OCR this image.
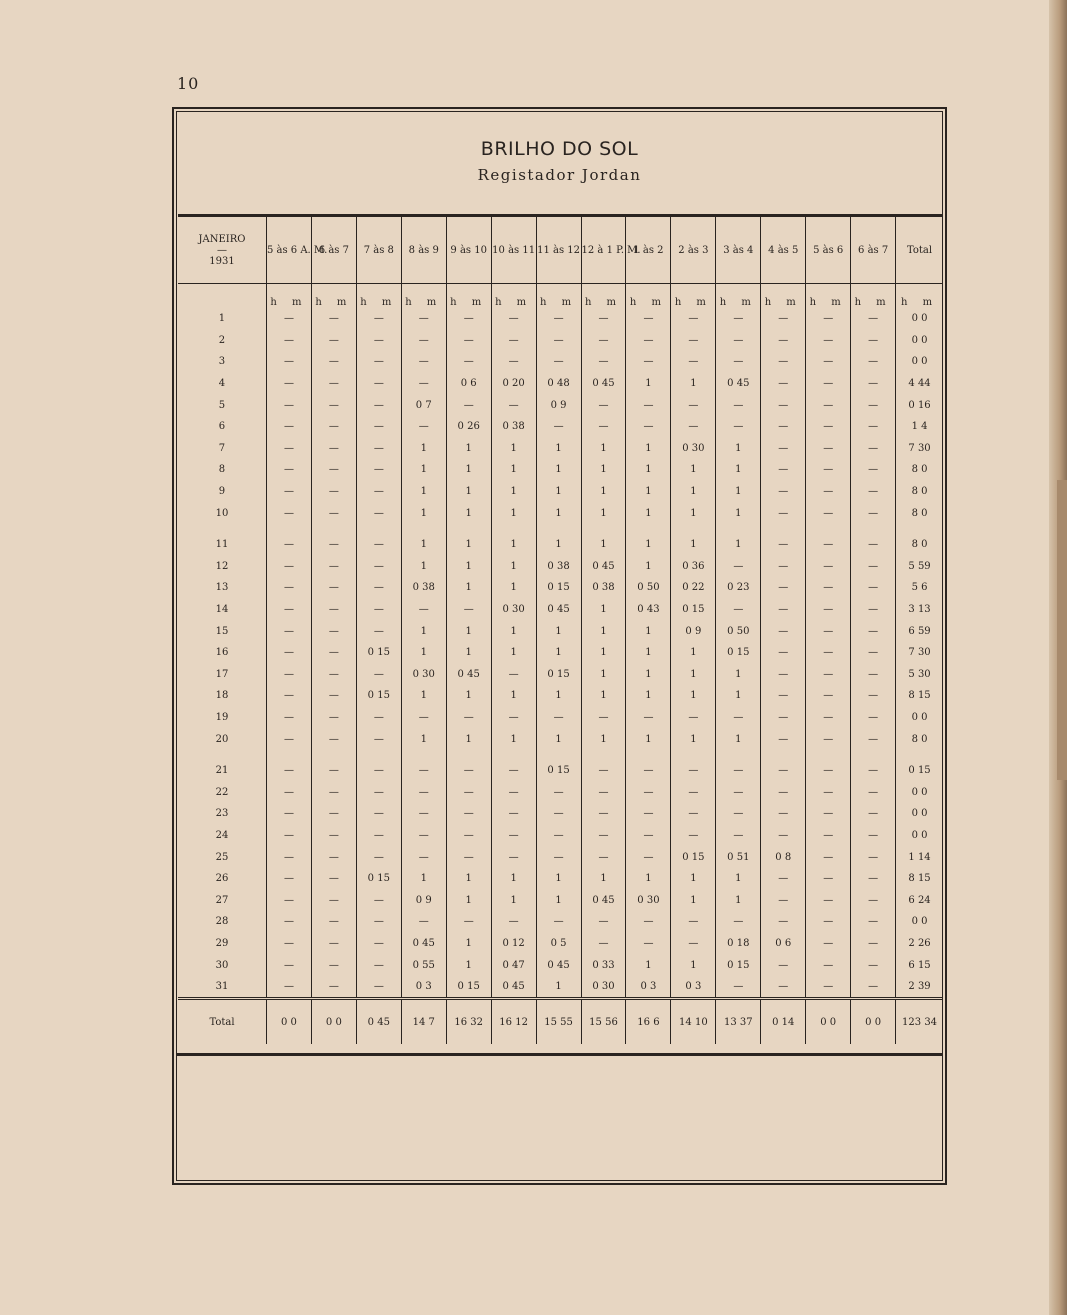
10
BRILHO DO SOL
Registador Jordan
JANEIRO
—
1931	5 às 6 A. M.	6 às 7	7 às 8	8 às 9	9 às 10	10 às 11	11 às 12	12 à 1 P. M.	1 às 2	2 às 3	3 às 4	4 às 5	5 às 6	6 às 7	Total
	h m	h m	h m	h m	h m	h m	h m	h m	h m	h m	h m	h m	h m	h m	h m
1	—	—	—	—	—	—	—	—	—	—	—	—	—	—	0 0
2	—	—	—	—	—	—	—	—	—	—	—	—	—	—	0 0
3	—	—	—	—	—	—	—	—	—	—	—	—	—	—	0 0
4	—	—	—	—	0 6	0 20	0 48	0 45	1	1	0 45	—	—	—	4 44
5	—	—	—	0 7	—	—	0 9	—	—	—	—	—	—	—	0 16
6	—	—	—	—	0 26	0 38	—	—	—	—	—	—	—	—	1 4
7	—	—	—	1	1	1	1	1	1	0 30	1	—	—	—	7 30
8	—	—	—	1	1	1	1	1	1	1	1	—	—	—	8 0
9	—	—	—	1	1	1	1	1	1	1	1	—	—	—	8 0
10	—	—	—	1	1	1	1	1	1	1	1	—	—	—	8 0

11	—	—	—	1	1	1	1	1	1	1	1	—	—	—	8 0
12	—	—	—	1	1	1	0 38	0 45	1	0 36	—	—	—	—	5 59
13	—	—	—	0 38	1	1	0 15	0 38	0 50	0 22	0 23	—	—	—	5 6
14	—	—	—	—	—	0 30	0 45	1	0 43	0 15	—	—	—	—	3 13
15	—	—	—	1	1	1	1	1	1	0 9	0 50	—	—	—	6 59
16	—	—	0 15	1	1	1	1	1	1	1	0 15	—	—	—	7 30
17	—	—	—	0 30	0 45	—	0 15	1	1	1	1	—	—	—	5 30
18	—	—	0 15	1	1	1	1	1	1	1	1	—	—	—	8 15
19	—	—	—	—	—	—	—	—	—	—	—	—	—	—	0 0
20	—	—	—	1	1	1	1	1	1	1	1	—	—	—	8 0

21	—	—	—	—	—	—	0 15	—	—	—	—	—	—	—	0 15
22	—	—	—	—	—	—	—	—	—	—	—	—	—	—	0 0
23	—	—	—	—	—	—	—	—	—	—	—	—	—	—	0 0
24	—	—	—	—	—	—	—	—	—	—	—	—	—	—	0 0
25	—	—	—	—	—	—	—	—	—	0 15	0 51	0 8	—	—	1 14
26	—	—	0 15	1	1	1	1	1	1	1	1	—	—	—	8 15
27	—	—	—	0 9	1	1	1	0 45	0 30	1	1	—	—	—	6 24
28	—	—	—	—	—	—	—	—	—	—	—	—	—	—	0 0
29	—	—	—	0 45	1	0 12	0 5	—	—	—	0 18	0 6	—	—	2 26
30	—	—	—	0 55	1	0 47	0 45	0 33	1	1	0 15	—	—	—	6 15
31	—	—	—	0 3	0 15	0 45	1	0 30	0 3	0 3	—	—	—	—	2 39
Total	0 0	0 0	0 45	14 7	16 32	16 12	15 55	15 56	16 6	14 10	13 37	0 14	0 0	0 0	123 34
